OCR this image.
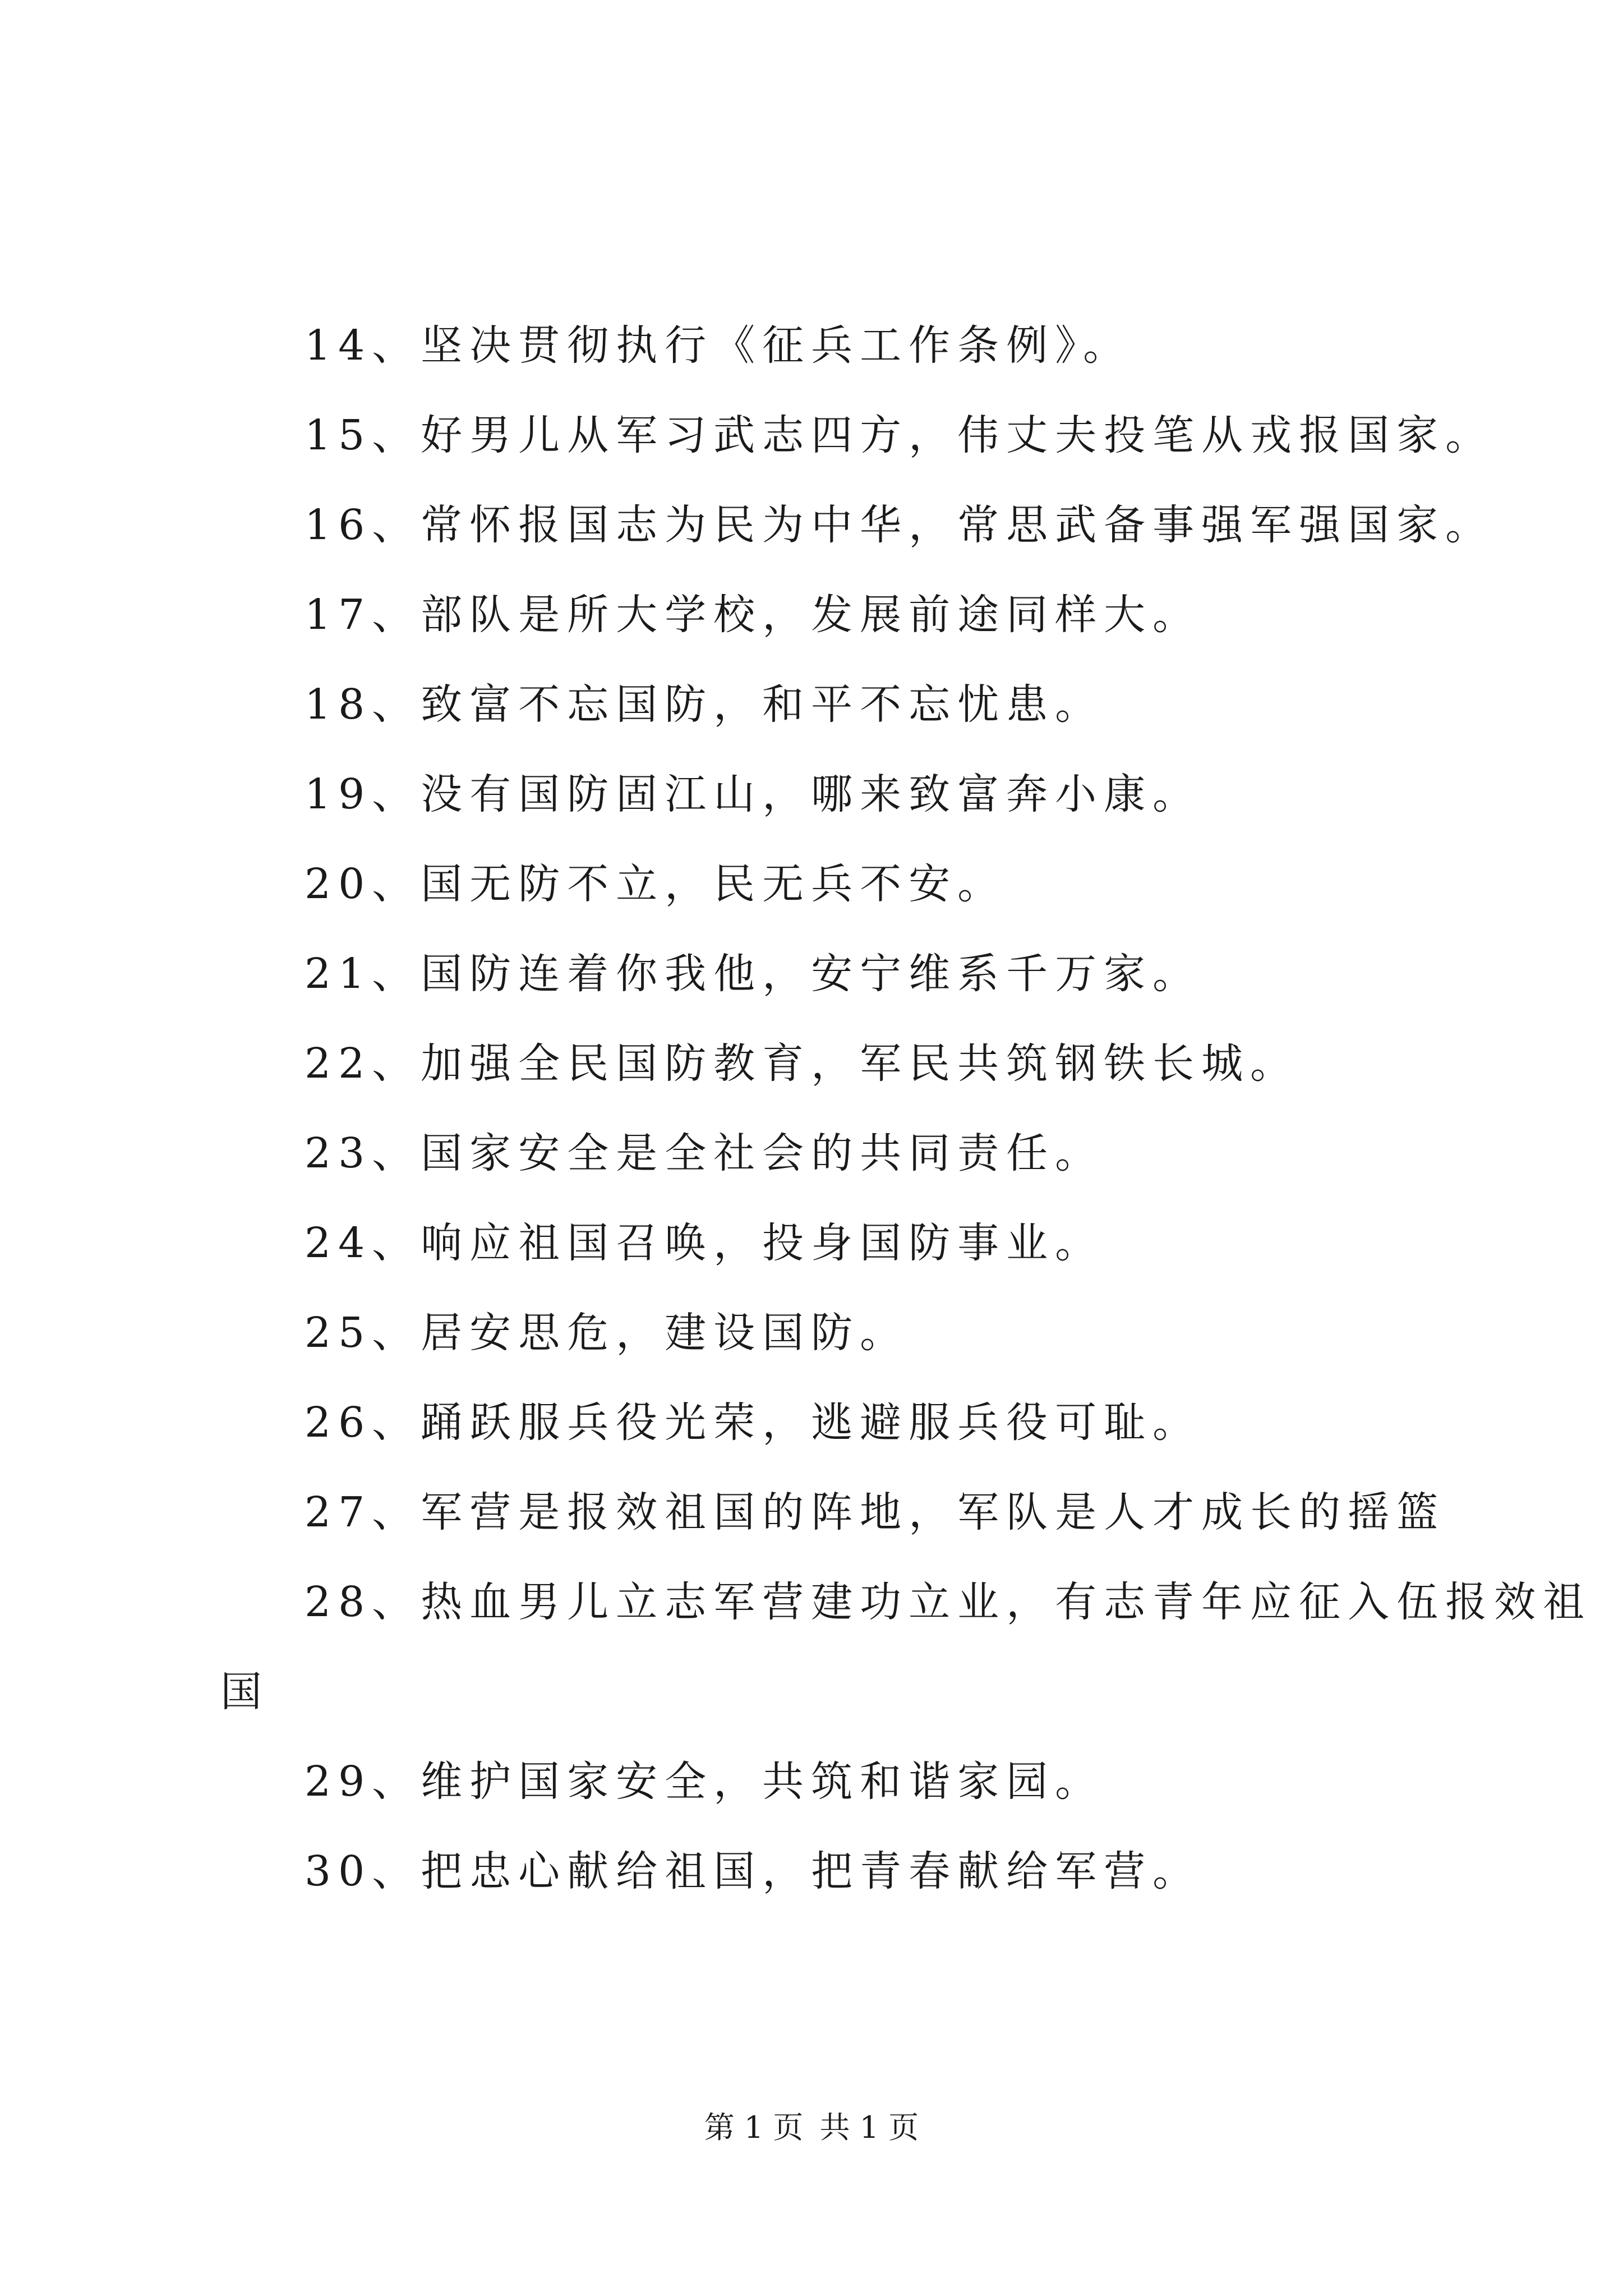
14、坚决贯彻执行《征兵工作条例》。
15、好男儿从军习武志四方，伟丈夫投笔从戎报国家。
16、常怀报国志为民为中华，常思武备事强军强国家。
17、部队是所大学校，发展前途同样大。
18、致富不忘国防，和平不忘忧患。
19、没有国防固江山，哪来致富奔小康。
20、国无防不立，民无兵不安。
21、国防连着你我他，安宁维系千万家。
22、加强全民国防教育，军民共筑钢铁长城。
23、国家安全是全社会的共同责任。
24、响应祖国召唤，投身国防事业。
25、居安思危，建设国防。
26、踊跃服兵役光荣，逃避服兵役可耻。
27、军营是报效祖国的阵地，军队是人才成长的摇篮
28、热血男儿立志军营建功立业，有志青年应征入伍报效祖
国
29、维护国家安全，共筑和谐家园。
30、把忠心献给祖国，把青春献给军营。
第 1 页 共 1 页
